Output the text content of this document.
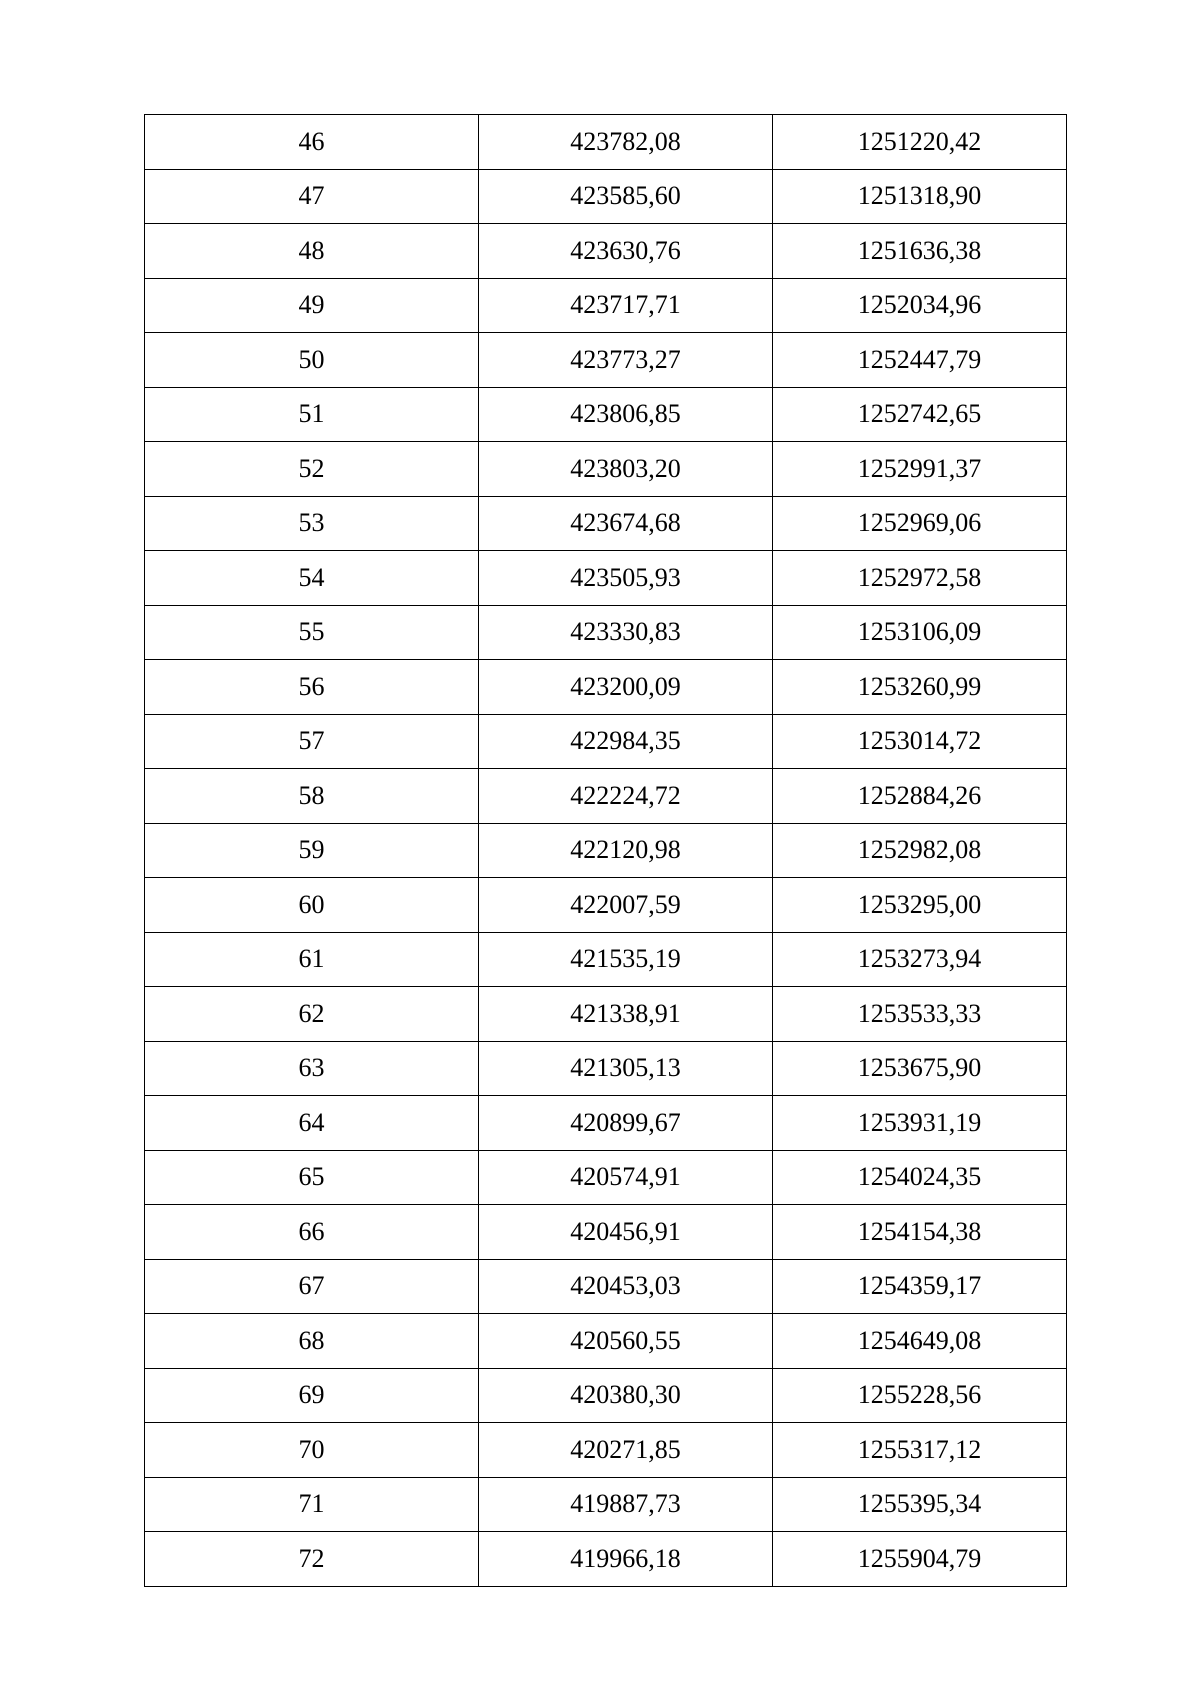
46	423782,08	1251220,42
47	423585,60	1251318,90
48	423630,76	1251636,38
49	423717,71	1252034,96
50	423773,27	1252447,79
51	423806,85	1252742,65
52	423803,20	1252991,37
53	423674,68	1252969,06
54	423505,93	1252972,58
55	423330,83	1253106,09
56	423200,09	1253260,99
57	422984,35	1253014,72
58	422224,72	1252884,26
59	422120,98	1252982,08
60	422007,59	1253295,00
61	421535,19	1253273,94
62	421338,91	1253533,33
63	421305,13	1253675,90
64	420899,67	1253931,19
65	420574,91	1254024,35
66	420456,91	1254154,38
67	420453,03	1254359,17
68	420560,55	1254649,08
69	420380,30	1255228,56
70	420271,85	1255317,12
71	419887,73	1255395,34
72	419966,18	1255904,79
